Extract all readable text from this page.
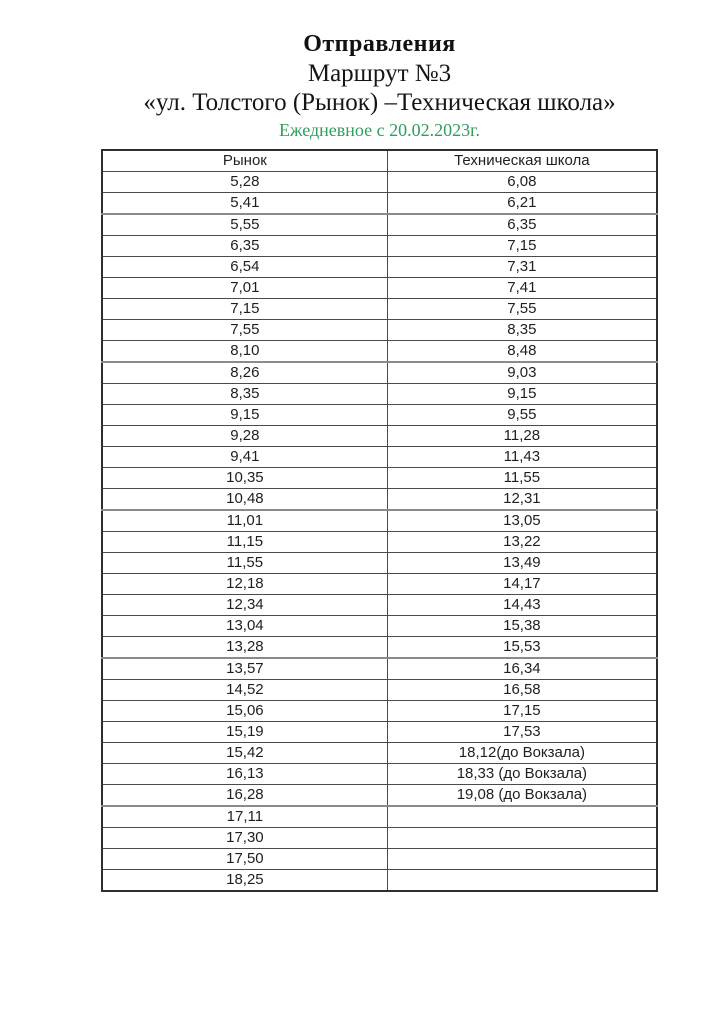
Отправления
Маршрут №3
«ул. Толстого (Рынок) –Техническая школа»
Ежедневное с 20.02.2023г.
Рынок	Техническая школа
5,28	6,08
5,41	6,21
5,55	6,35
6,35	7,15
6,54	7,31
7,01	7,41
7,15	7,55
7,55	8,35
8,10	8,48
8,26	9,03
8,35	9,15
9,15	9,55
9,28	11,28
9,41	11,43
10,35	11,55
10,48	12,31
11,01	13,05
11,15	13,22
11,55	13,49
12,18	14,17
12,34	14,43
13,04	15,38
13,28	15,53
13,57	16,34
14,52	16,58
15,06	17,15
15,19	17,53
15,42	18,12(до Вокзала)
16,13	18,33 (до Вокзала)
16,28	19,08 (до Вокзала)
17,11	
17,30	
17,50	
18,25	
